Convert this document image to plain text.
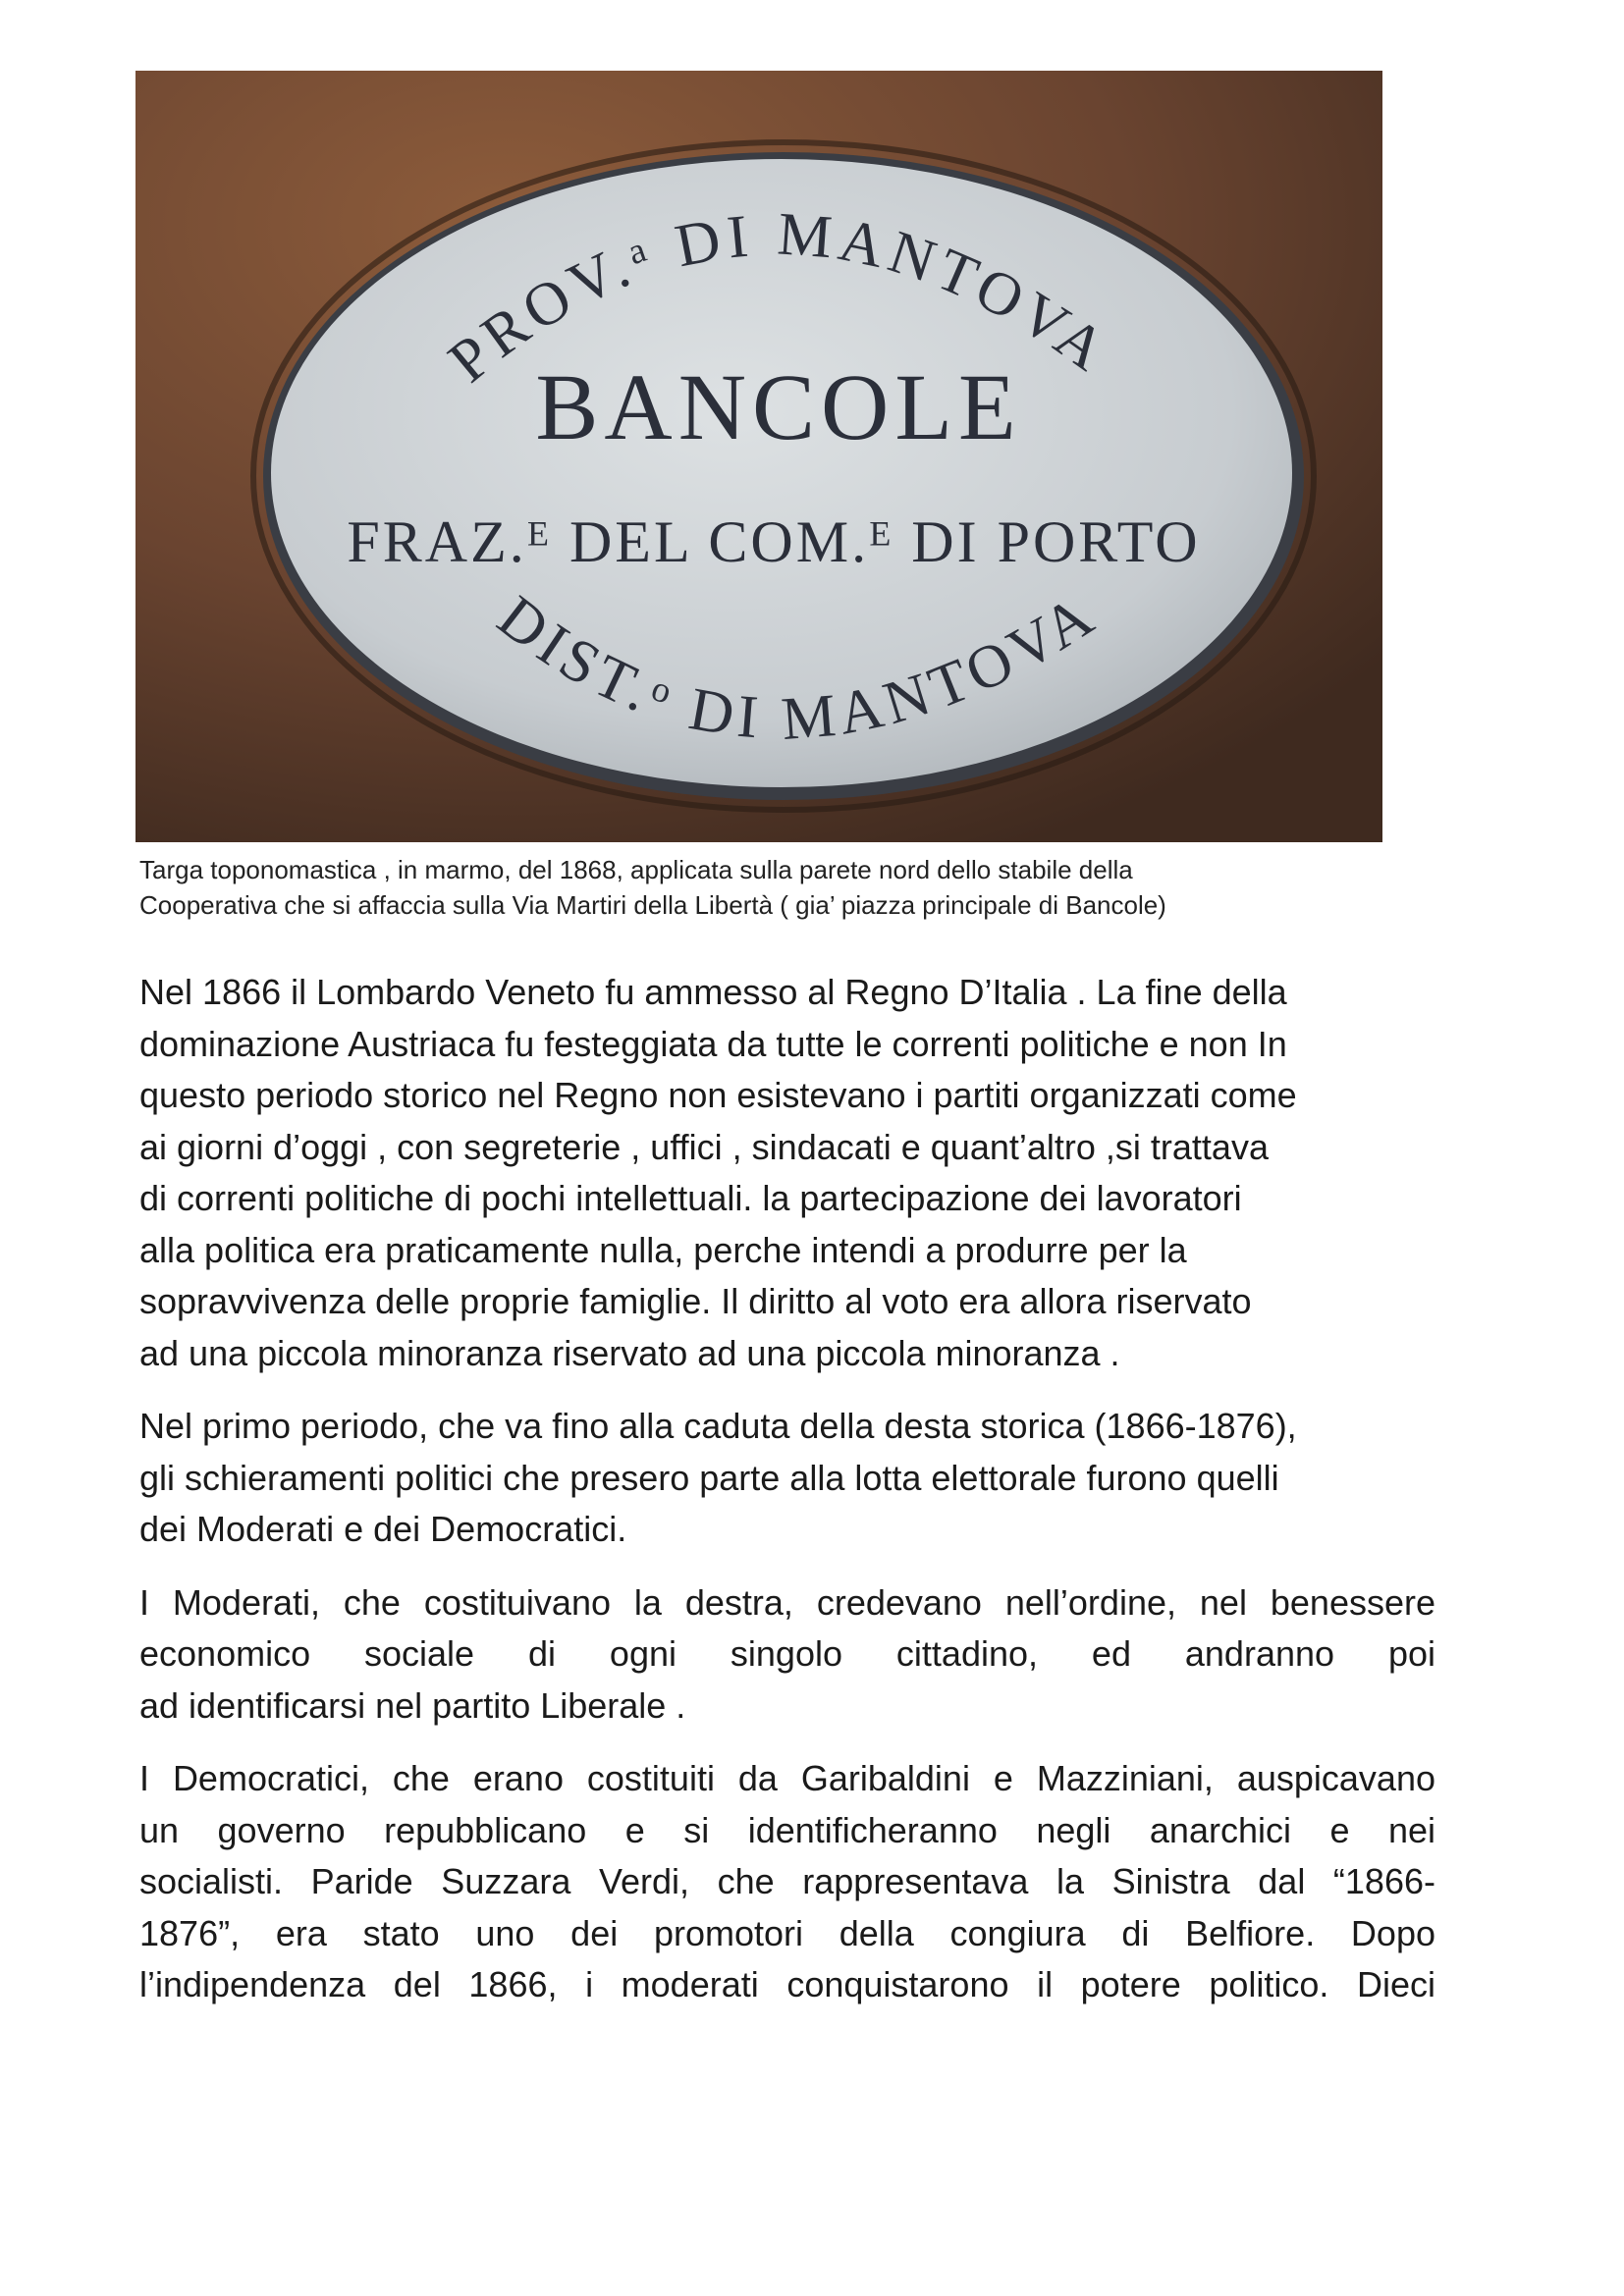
PROV.ᵃ DI MANTOVA
BANCOLE
FRAZ.ᴱ DEL COM.ᴱ DI PORTO
DIST.ᵒ DI MANTOVA

Targa toponomastica , in marmo, del 1868, applicata sulla parete nord dello stabile della

Cooperativa che si affaccia sulla Via Martiri della Libertà ( gia’ piazza principale di Bancole)

Nel 1866 il Lombardo Veneto fu ammesso al Regno D’Italia . La fine della
dominazione Austriaca fu festeggiata da tutte le correnti politiche e non In
questo periodo storico nel Regno non esistevano i partiti organizzati come
ai giorni d’oggi , con segreterie , uffici , sindacati e quant’altro ,si trattava
di correnti politiche di pochi intellettuali. la partecipazione dei lavoratori
alla politica era praticamente nulla, perche intendi a produrre per la
sopravvivenza delle proprie famiglie. Il diritto al voto era allora riservato
ad una piccola minoranza riservato ad una piccola minoranza .

Nel primo periodo, che va fino alla caduta della desta storica (1866-1876),
gli schieramenti politici che presero parte alla lotta elettorale furono quelli
dei Moderati e dei Democratici.

I Moderati, che costituivano la destra, credevano nell’ordine, nel benessere
economico sociale di ogni singolo cittadino, ed andranno poi
ad identificarsi nel partito Liberale .

I Democratici, che erano costituiti da Garibaldini e Mazziniani, auspicavano
un governo repubblicano e si identificheranno negli anarchici e nei
socialisti. Paride Suzzara Verdi, che rappresentava la Sinistra dal “1866-
1876”, era stato uno dei promotori della congiura di Belfiore. Dopo
l’indipendenza del 1866, i moderati conquistarono il potere politico. Dieci
